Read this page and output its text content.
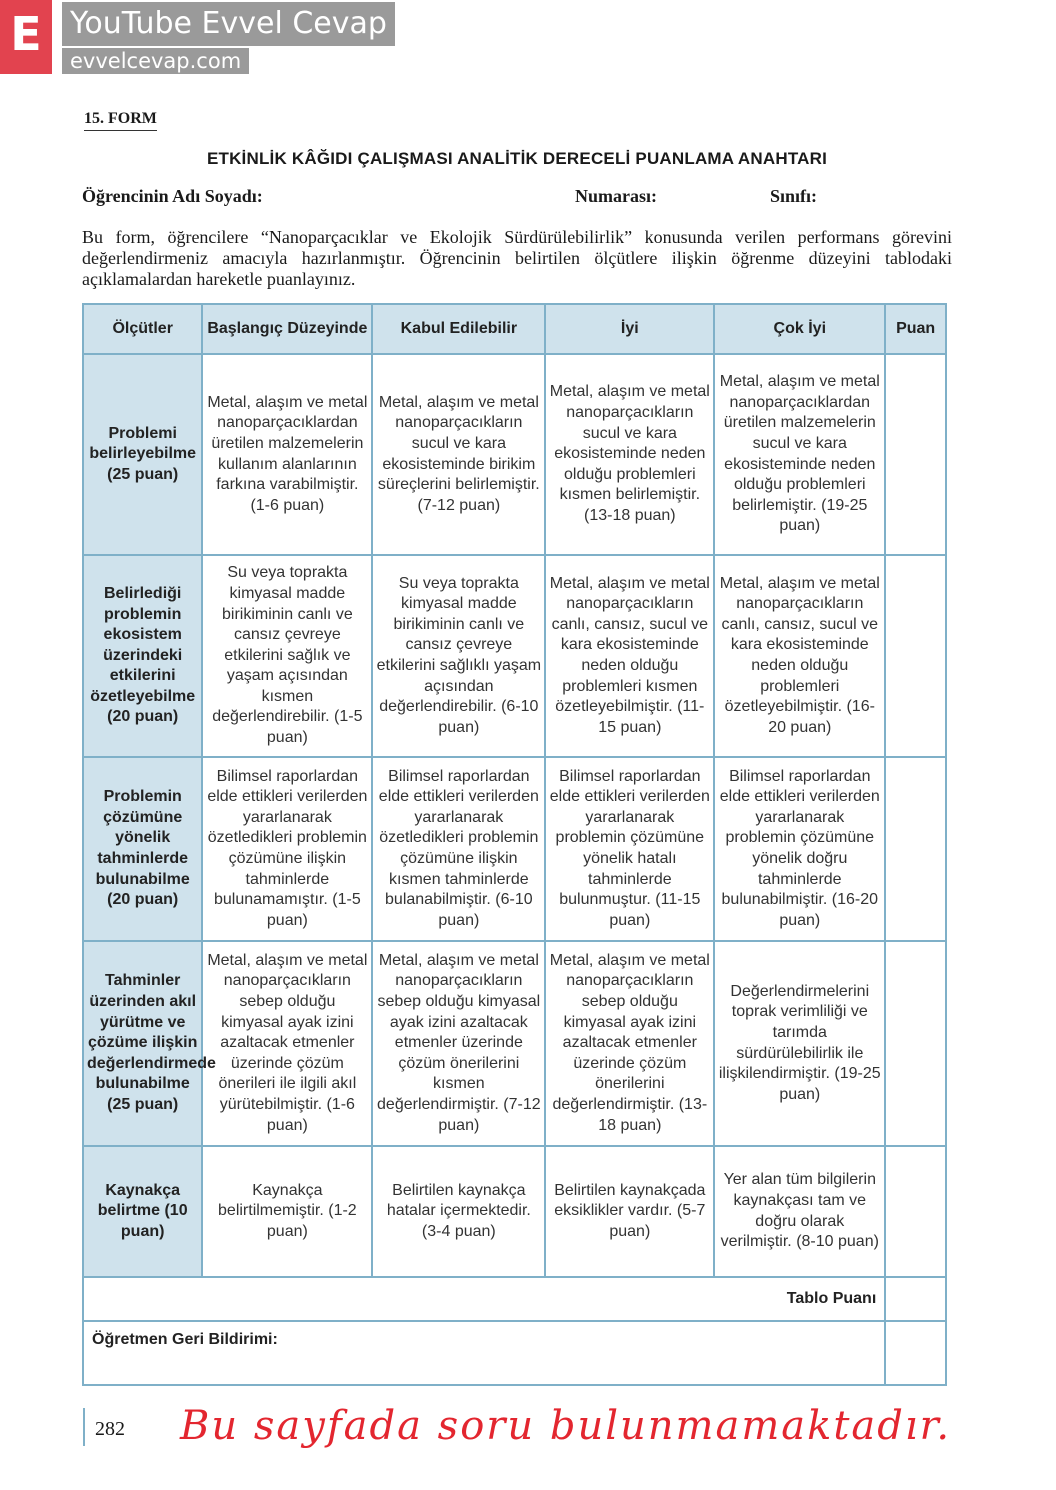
E YouTube Evvel Cevap
evvelcevap.com
15. FORM
ETKİNLİK KÂĞIDI ÇALIŞMASI ANALİTİK DERECELİ PUANLAMA ANAHTARI
Öğrencinin Adı Soyadı:	Numarası:	Sınıfı:
Bu form, öğrencilere “Nanoparçacıklar ve Ekolojik Sürdürülebilirlik” konusunda verilen performans görevini değerlendirmeniz amacıyla hazırlanmıştır. Öğrencinin belirtilen ölçütlere ilişkin öğrenme düzeyini tablodaki açıklamalardan hareketle puanlayınız.
Ölçütler	Başlangıç Düzeyinde	Kabul Edilebilir	İyi	Çok İyi	Puan
Problemi belirleyebilme (25 puan)	Metal, alaşım ve metal nanoparçacıklardan üretilen malzemelerin kullanım alanlarının farkına varabilmiştir. (1-6 puan)	Metal, alaşım ve metal nanoparçacıkların sucul ve kara ekosisteminde birikim süreçlerini belirlemiştir. (7-12 puan)	Metal, alaşım ve metal nanoparçacıkların sucul ve kara ekosisteminde neden olduğu problemleri kısmen belirlemiştir. (13-18 puan)	Metal, alaşım ve metal nanoparçacıklardan üretilen malzemelerin sucul ve kara ekosisteminde neden olduğu problemleri belirlemiştir. (19-25 puan)	
Belirlediği problemin ekosistem üzerindeki etkilerini özetleyebilme (20 puan)	Su veya toprakta kimyasal madde birikiminin canlı ve cansız çevreye etkilerini sağlık ve yaşam açısından kısmen değerlendirebilir. (1-5 puan)	Su veya toprakta kimyasal madde birikiminin canlı ve cansız çevreye etkilerini sağlıklı yaşam açısından değerlendirebilir. (6-10 puan)	Metal, alaşım ve metal nanoparçacıkların canlı, cansız, sucul ve kara ekosisteminde neden olduğu problemleri kısmen özetleyebilmiştir. (11-15 puan)	Metal, alaşım ve metal nanoparçacıkların canlı, cansız, sucul ve kara ekosisteminde neden olduğu problemleri özetleyebilmiştir. (16-20 puan)	
Problemin çözümüne yönelik tahminlerde bulunabilme (20 puan)	Bilimsel raporlardan elde ettikleri verilerden yararlanarak özetledikleri problemin çözümüne ilişkin tahminlerde bulunamamıştır. (1-5 puan)	Bilimsel raporlardan elde ettikleri verilerden yararlanarak özetledikleri problemin çözümüne ilişkin kısmen tahminlerde bulanabilmiştir. (6-10 puan)	Bilimsel raporlardan elde ettikleri verilerden yararlanarak problemin çözümüne yönelik hatalı tahminlerde bulunmuştur. (11-15 puan)	Bilimsel raporlardan elde ettikleri verilerden yararlanarak problemin çözümüne yönelik doğru tahminlerde bulunabilmiştir. (16-20 puan)	
Tahminler üzerinden akıl yürütme ve çözüme ilişkin değerlendirmede bulunabilme (25 puan)	Metal, alaşım ve metal nanoparçacıkların sebep olduğu kimyasal ayak izini azaltacak etmenler üzerinde çözüm önerileri ile ilgili akıl yürütebilmiştir. (1-6 puan)	Metal, alaşım ve metal nanoparçacıkların sebep olduğu kimyasal ayak izini azaltacak etmenler üzerinde çözüm önerilerini kısmen değerlendirmiştir. (7-12 puan)	Metal, alaşım ve metal nanoparçacıkların sebep olduğu kimyasal ayak izini azaltacak etmenler üzerinde çözüm önerilerini değerlendirmiştir. (13-18 puan)	Değerlendirmelerini toprak verimliliği ve tarımda sürdürülebilirlik ile ilişkilendirmiştir. (19-25 puan)	
Kaynakça belirtme (10 puan)	Kaynakça belirtilmemiştir. (1-2 puan)	Belirtilen kaynakça hatalar içermektedir. (3-4 puan)	Belirtilen kaynakçada eksiklikler vardır. (5-7 puan)	Yer alan tüm bilgilerin kaynakçası tam ve doğru olarak verilmiştir. (8-10 puan)	
Tablo Puanı					
Öğretmen Geri Bildirimi:					
282 Bu sayfada soru bulunmamaktadır.
